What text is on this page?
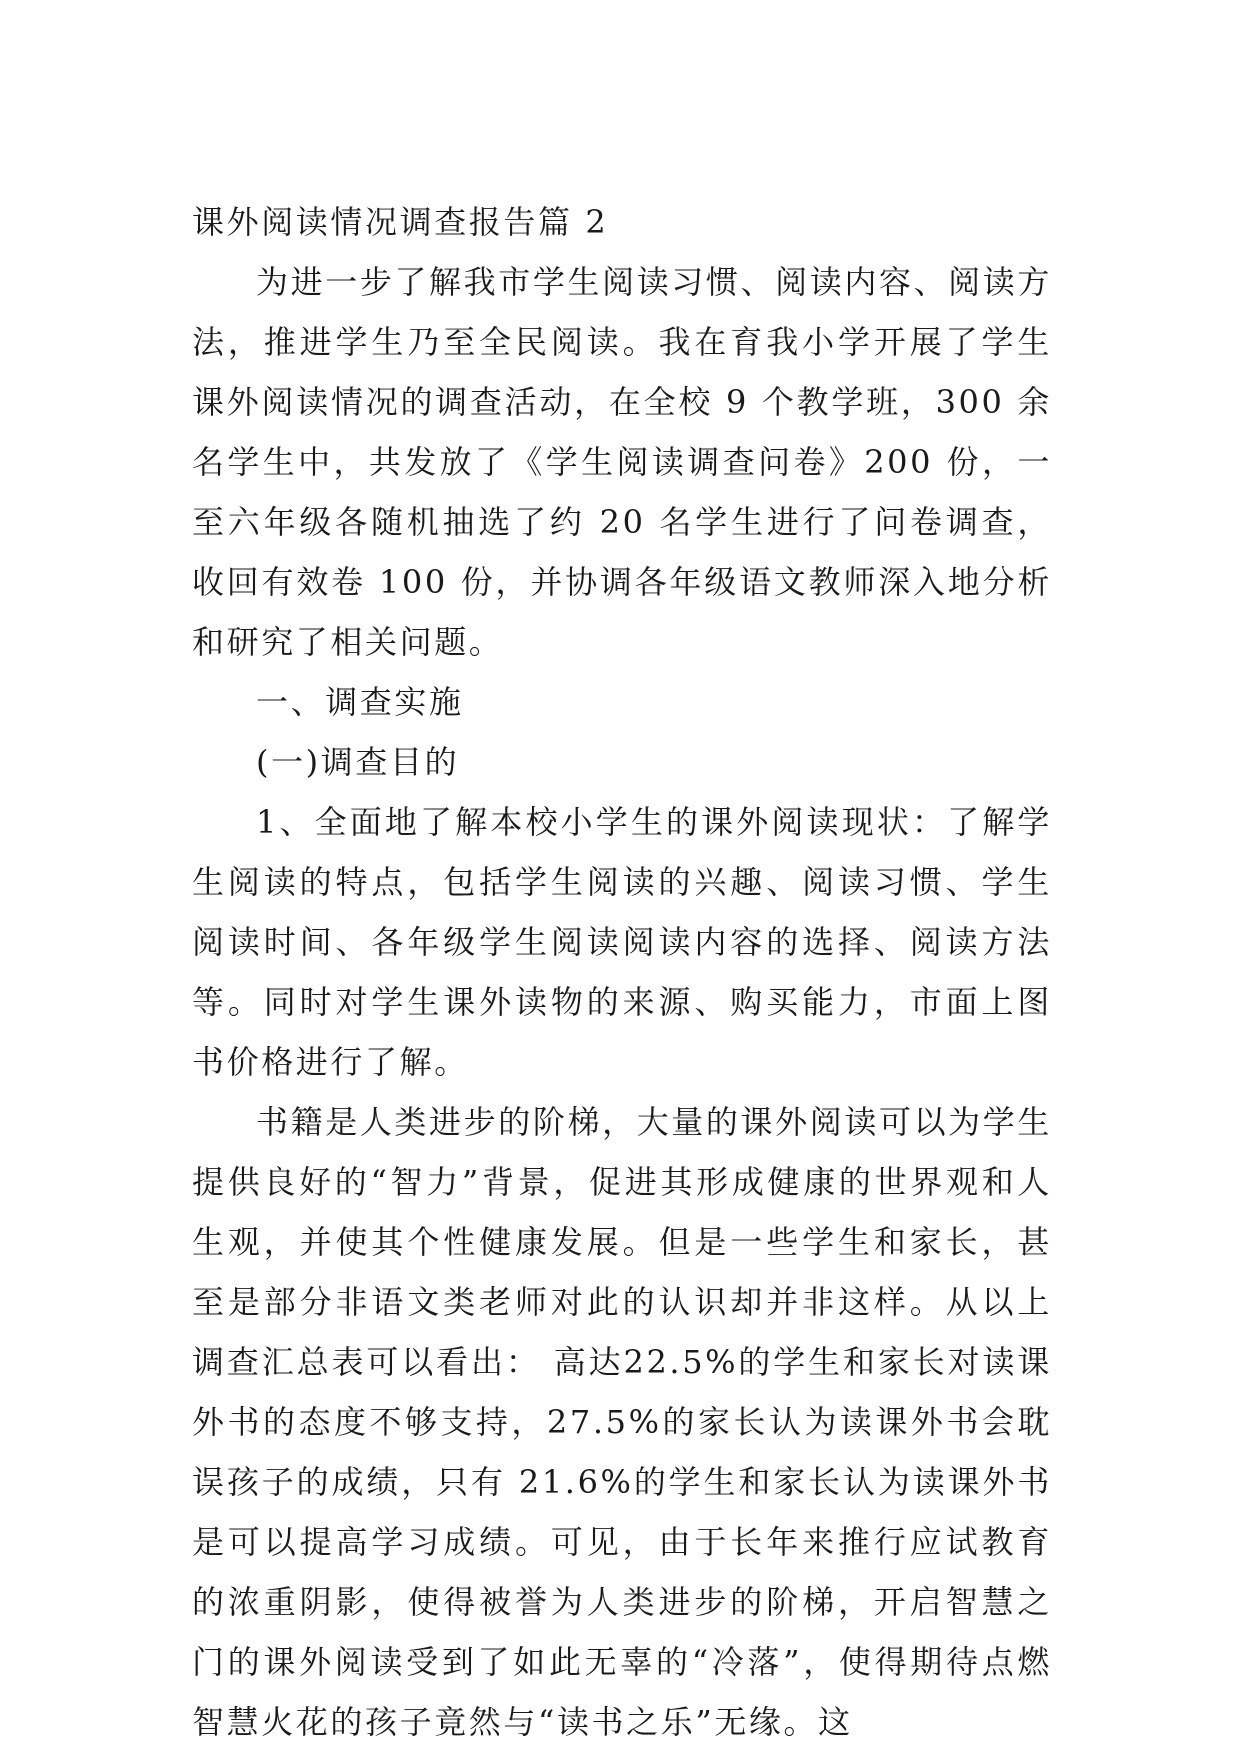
课外阅读情况调查报告篇 2

为进一步了解我市学生阅读习惯、阅读内容、阅读方法，推进学生乃至全民阅读。我在育我小学开展了学生课外阅读情况的调查活动，在全校 9 个教学班，300 余名学生中，共发放了《学生阅读调查问卷》200 份，一至六年级各随机抽选了约 20 名学生进行了问卷调查，收回有效卷 100 份，并协调各年级语文教师深入地分析和研究了相关问题。

一、调查实施

(一)调查目的

1、全面地了解本校小学生的课外阅读现状：了解学生阅读的特点，包括学生阅读的兴趣、阅读习惯、学生阅读时间、各年级学生阅读阅读内容的选择、阅读方法等。同时对学生课外读物的来源、购买能力，市面上图书价格进行了解。

书籍是人类进步的阶梯，大量的课外阅读可以为学生提供良好的“智力”背景，促进其形成健康的世界观和人生观，并使其个性健康发展。但是一些学生和家长，甚至是部分非语文类老师对此的认识却并非这样。从以上调查汇总表可以看出： 高达22.5%的学生和家长对读课外书的态度不够支持，27.5%的家长认为读课外书会耽误孩子的成绩，只有 21.6%的学生和家长认为读课外书是可以提高学习成绩。可见，由于长年来推行应试教育的浓重阴影，使得被誉为人类进步的阶梯，开启智慧之门的课外阅读受到了如此无辜的“冷落”，使得期待点燃智慧火花的孩子竟然与“读书之乐”无缘。这
